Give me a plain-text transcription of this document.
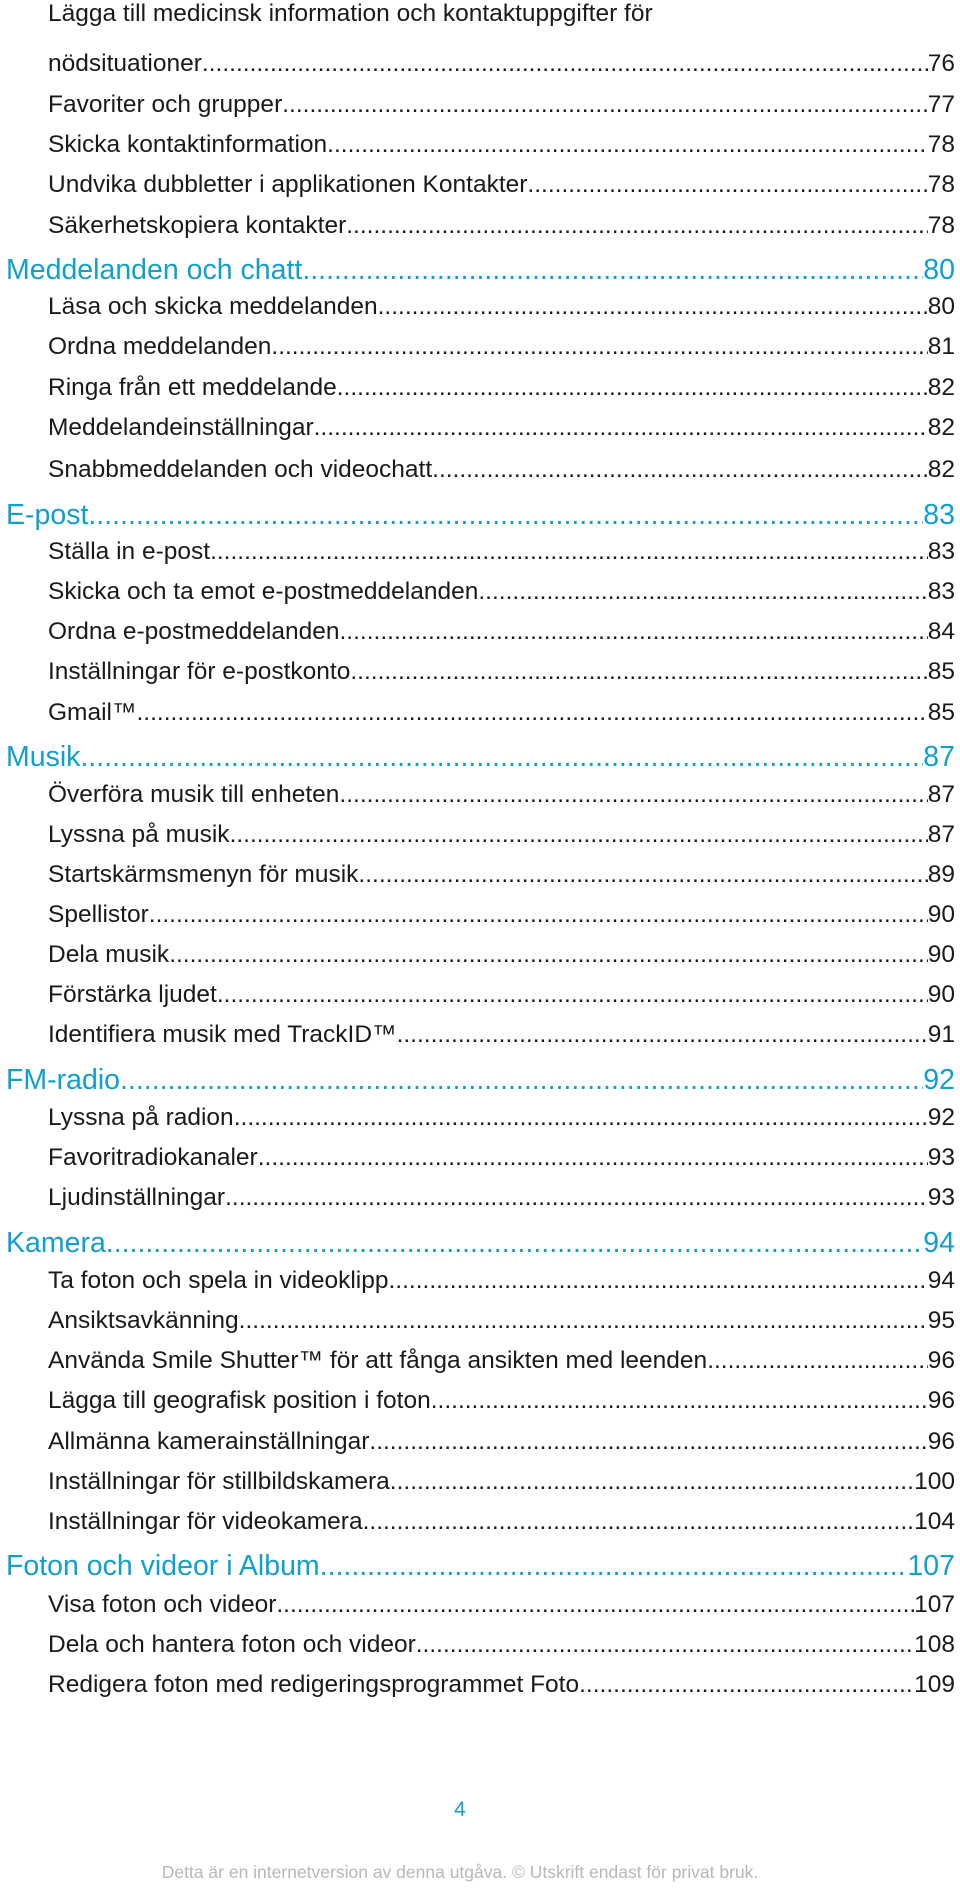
Lägga till medicinsk information och kontaktuppgifter för
nödsituationer .....	76
Favoriter och grupper .....	77
Skicka kontaktinformation .....	78
Undvika dubbletter i applikationen Kontakter .....	78
Säkerhetskopiera kontakter .....	78
Meddelanden och chatt .....	80
Läsa och skicka meddelanden .....	80
Ordna meddelanden .....	81
Ringa från ett meddelande .....	82
Meddelandeinställningar .....	82
Snabbmeddelanden och videochatt .....	82
E-post .....	83
Ställa in e-post .....	83
Skicka och ta emot e-postmeddelanden .....	83
Ordna e-postmeddelanden .....	84
Inställningar för e-postkonto .....	85
Gmail™ .....	85
Musik .....	87
Överföra musik till enheten .....	87
Lyssna på musik .....	87
Startskärmsmenyn för musik .....	89
Spellistor .....	90
Dela musik .....	90
Förstärka ljudet .....	90
Identifiera musik med TrackID™ .....	91
FM-radio .....	92
Lyssna på radion .....	92
Favoritradiokanaler .....	93
Ljudinställningar .....	93
Kamera .....	94
Ta foton och spela in videoklipp .....	94
Ansiktsavkänning .....	95
Använda Smile Shutter™ för att fånga ansikten med leenden .....	96
Lägga till geografisk position i foton .....	96
Allmänna kamerainställningar .....	96
Inställningar för stillbildskamera .....	100
Inställningar för videokamera .....	104
Foton och videor i Album .....	107
Visa foton och videor .....	107
Dela och hantera foton och videor .....	108
Redigera foton med redigeringsprogrammet Foto .....	109
4
Detta är en internetversion av denna utgåva. © Utskrift endast för privat bruk.
